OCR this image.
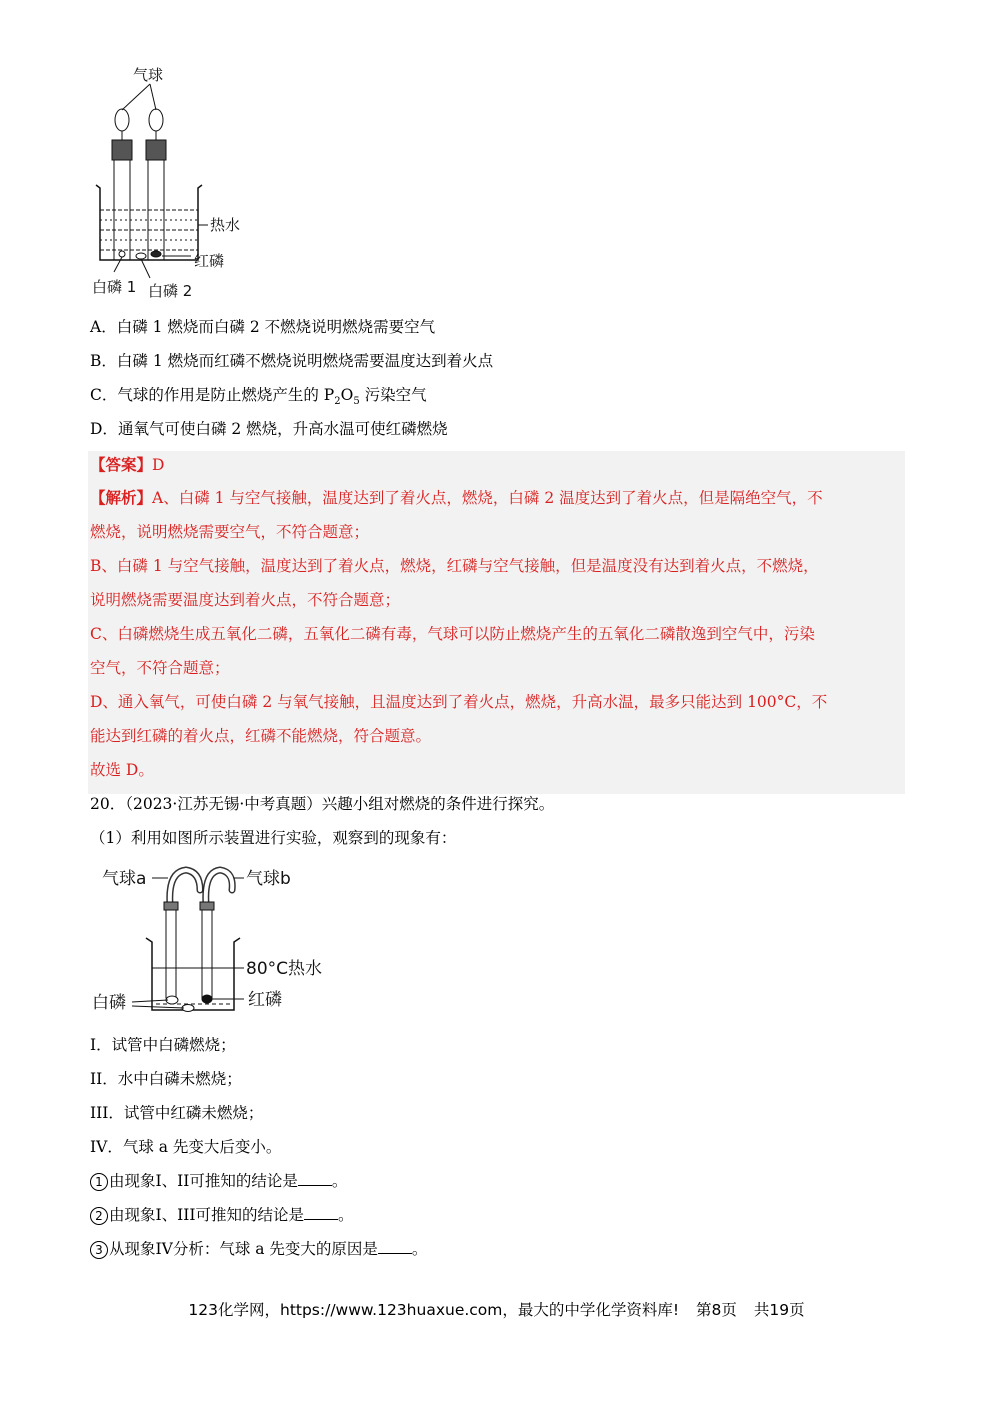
气球
热水
红磷
白磷 1 白磷 2
A．白磷 1 燃烧而白磷 2 不燃烧说明燃烧需要空气
B．白磷 1 燃烧而红磷不燃烧说明燃烧需要温度达到着火点
C．气球的作用是防止燃烧产生的 $P_2O_5$ 污染空气
D．通氧气可使白磷 2 燃烧，升高水温可使红磷燃烧
【答案】D
【解析】A、白磷 1 与空气接触，温度达到了着火点，燃烧，白磷 2 温度达到了着火点，但是隔绝空气，不
燃烧，说明燃烧需要空气，不符合题意；
B、白磷 1 与空气接触，温度达到了着火点，燃烧，红磷与空气接触，但是温度没有达到着火点，不燃烧，
说明燃烧需要温度达到着火点，不符合题意；
C、白磷燃烧生成五氧化二磷，五氧化二磷有毒，气球可以防止燃烧产生的五氧化二磷散逸到空气中，污染
空气，不符合题意；
D、通入氧气，可使白磷 2 与氧气接触，且温度达到了着火点，燃烧，升高水温，最多只能达到 100°C，不
能达到红磷的着火点，红磷不能燃烧，符合题意。
故选 D。
20．（2023·江苏无锡·中考真题）兴趣小组对燃烧的条件进行探究。
（1）利用如图所示装置进行实验，观察到的现象有：
气球a	气球b
80°C热水
白磷	红磷
I．试管中白磷燃烧；
II．水中白磷未燃烧；
III．试管中红磷未燃烧；
IV．气球 a 先变大后变小。
1 由现象I、II可推知的结论是 。
2 由现象I、III可推知的结论是 。
3 从现象IV分析：气球 a 先变大的原因是 。
123化学网，https://www.123huaxue.com，最大的中学化学资料库! 第8页 共19页
